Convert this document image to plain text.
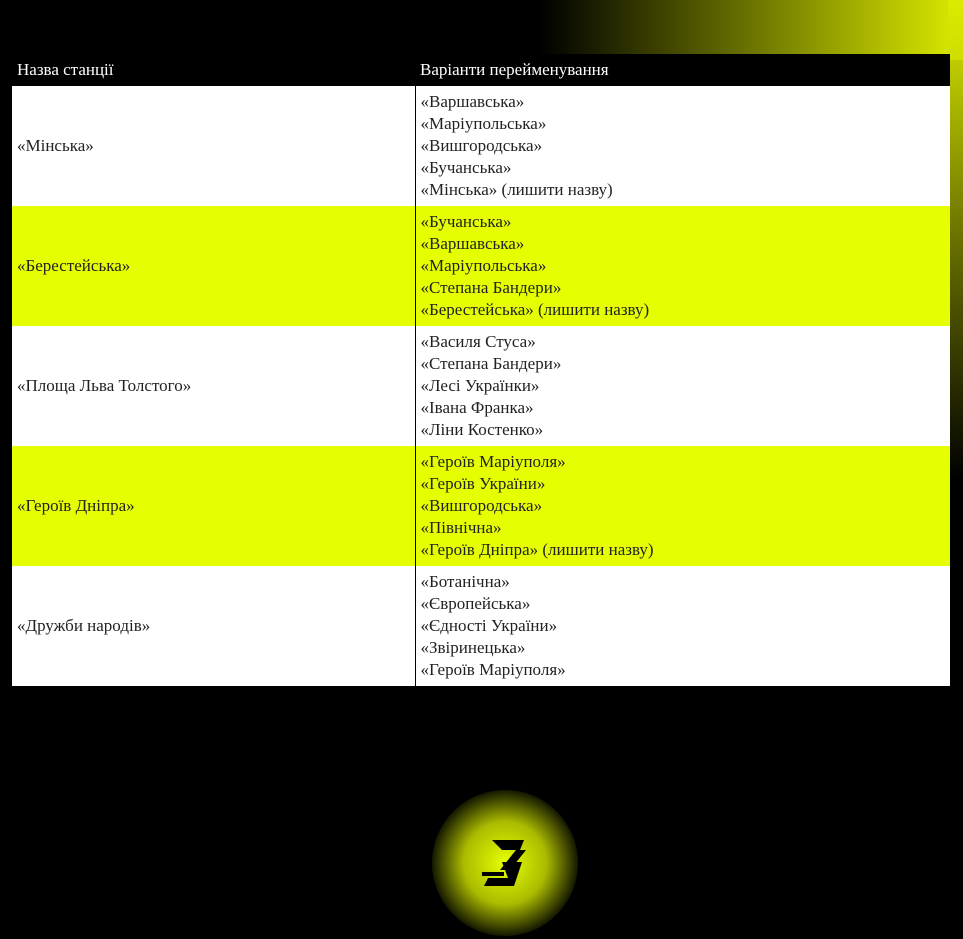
Назва станції	Варіанти перейменування
«Мінська»	«Варшавська»
«Маріупольська»
«Вишгородська»
«Бучанська»
«Мінська» (лишити назву)

«Берестейська»	«Бучанська»
«Варшавська»
«Маріупольська»
«Степана Бандери»
«Берестейська» (лишити назву)

«Площа Льва Толстого»	«Василя Стуса»
«Степана Бандери»
«Лесі Українки»
«Івана Франка»
«Ліни Костенко»

«Героїв Дніпра»	«Героїв Маріуполя»
«Героїв України»
«Вишгородська»
«Північна»
«Героїв Дніпра» (лишити назву)

«Дружби народів»	«Ботанічна»
«Європейська»
«Єдності України»
«Звіринецька»
«Героїв Маріуполя»
